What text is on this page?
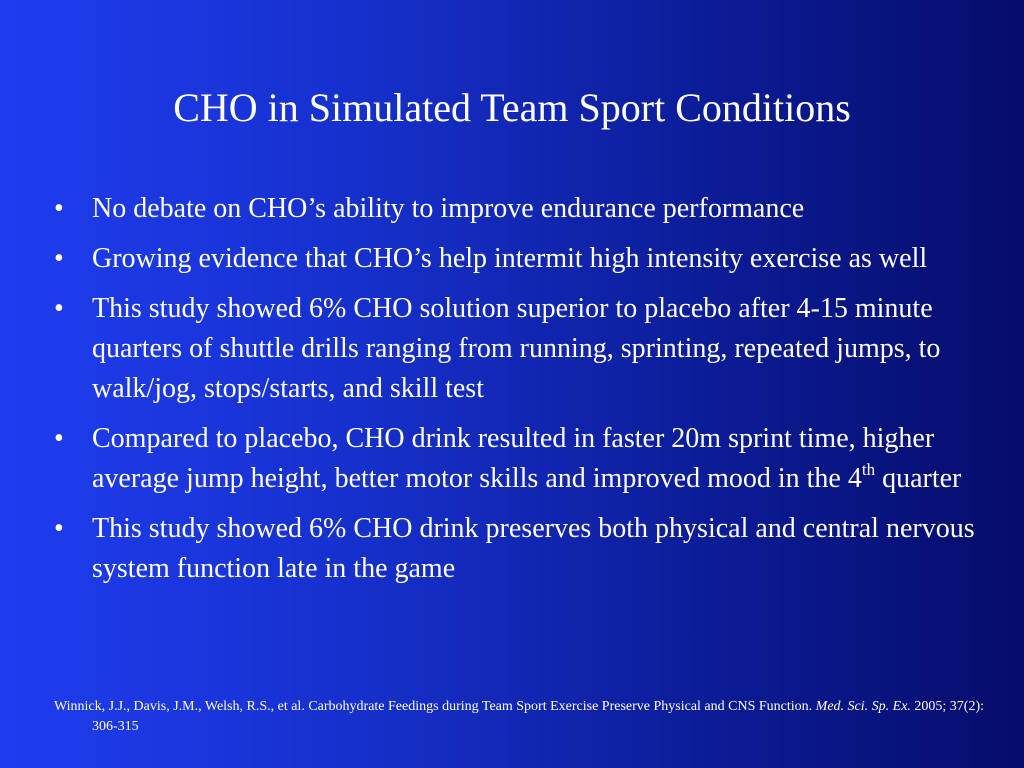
CHO in Simulated Team Sport Conditions
• No debate on CHO’s ability to improve endurance performance
• Growing evidence that CHO’s help intermit high intensity exercise as well
• This study showed 6% CHO solution superior to placebo after 4-15 minute quarters of shuttle drills ranging from running, sprinting, repeated jumps, to walk/jog, stops/starts, and skill test
• Compared to placebo, CHO drink resulted in faster 20m sprint time, higher average jump height, better motor skills and improved mood in the 4th quarter
• This study showed 6% CHO drink preserves both physical and central nervous system function late in the game
Winnick, J.J., Davis, J.M., Welsh, R.S., et al. Carbohydrate Feedings during Team Sport Exercise Preserve Physical and CNS Function. Med. Sci. Sp. Ex. 2005; 37(2): 306-315
